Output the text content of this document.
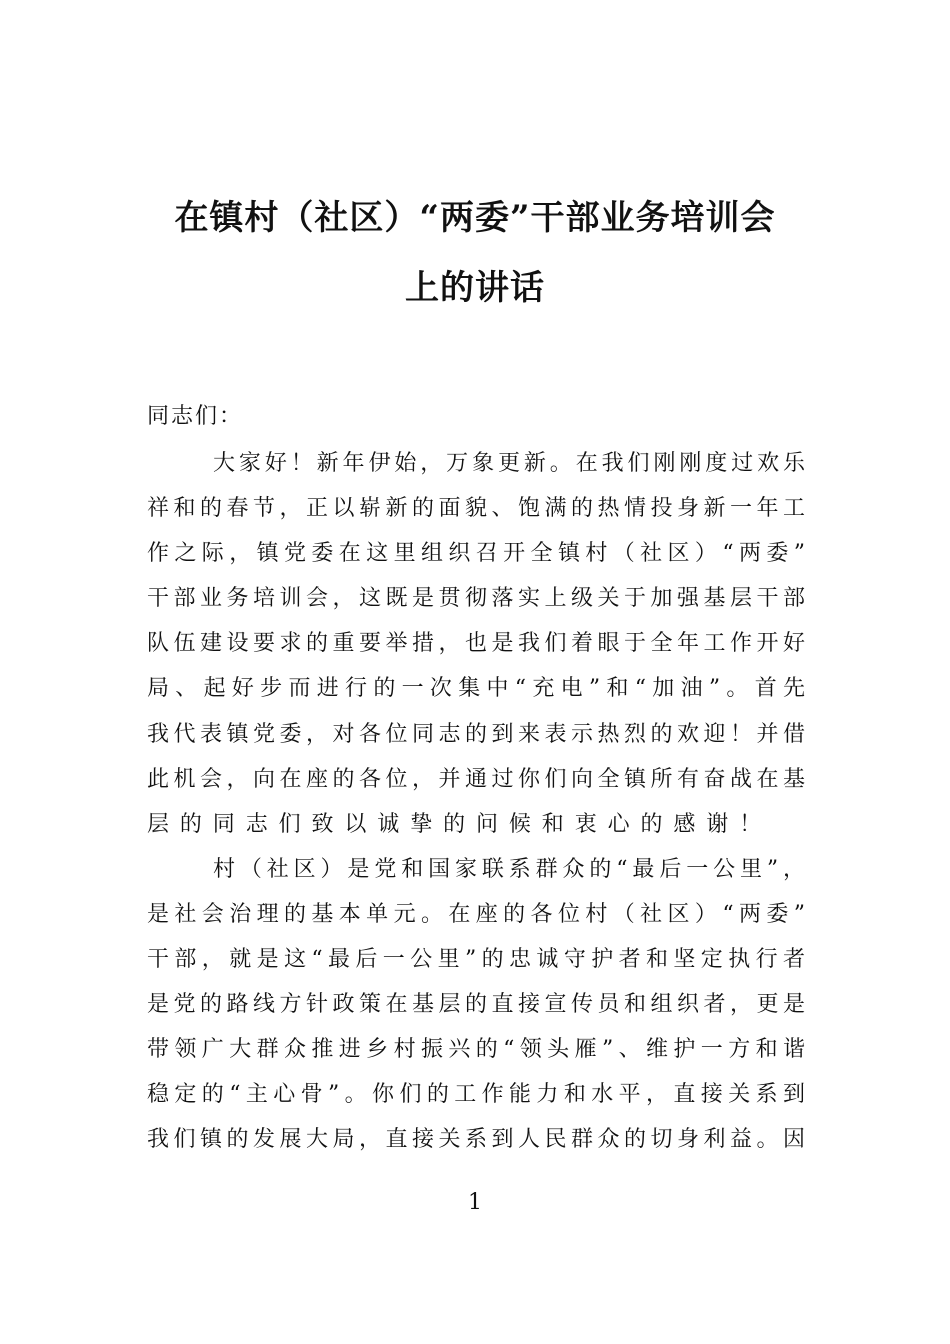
在镇村（社区）“两委”干部业务培训会
上的讲话
同志们：
大​家​好​！​新​年​伊​始​，​万​象​更​新​。​在​我​们​刚​刚​度​过​欢​乐
祥​和​的​春​节​，​正​以​崭​新​的​面​貌​、​饱​满​的​热​情​投​身​新​一​年​工
作​之​际​，​镇​党​委​在​这​里​组​织​召​开​全​镇​村​（​社​区​）​“​两​委​”
干​部​业​务​培​训​会​，​这​既​是​贯​彻​落​实​上​级​关​于​加​强​基​层​干​部
队​伍​建​设​要​求​的​重​要​举​措​，​也​是​我​们​着​眼​于​全​年​工​作​开​好
局​、​起​好​步​而​进​行​的​一​次​集​中​“​充​电​”​和​“​加​油​”​。​首​先
我​代​表​镇​党​委​，​对​各​位​同​志​的​到​来​表​示​热​烈​的​欢​迎​！​并​借
此​机​会​，​向​在​座​的​各​位​，​并​通​过​你​们​向​全​镇​所​有​奋​战​在​基
层的同志们致以诚挚的问候和衷心的感谢！
村​（​社​区​）​是​党​和​国​家​联​系​群​众​的​“​最​后​一​公​里​”​，
是​社​会​治​理​的​基​本​单​元​。​在​座​的​各​位​村​（​社​区​）​“​两​委​”
干​部​，​就​是​这​“​最​后​一​公​里​”​的​忠​诚​守​护​者​和​坚​定​执​行​者
是​党​的​路​线​方​针​政​策​在​基​层​的​直​接​宣​传​员​和​组​织​者​，​更​是
带​领​广​大​群​众​推​进​乡​村​振​兴​的​“​领​头​雁​”​、​维​护​一​方​和​谐
稳​定​的​“​主​心​骨​”​。​你​们​的​工​作​能​力​和​水​平​，​直​接​关​系​到
我​们​镇​的​发​展​大​局​，​直​接​关​系​到​人​民​群​众​的​切​身​利​益​。​因
1
